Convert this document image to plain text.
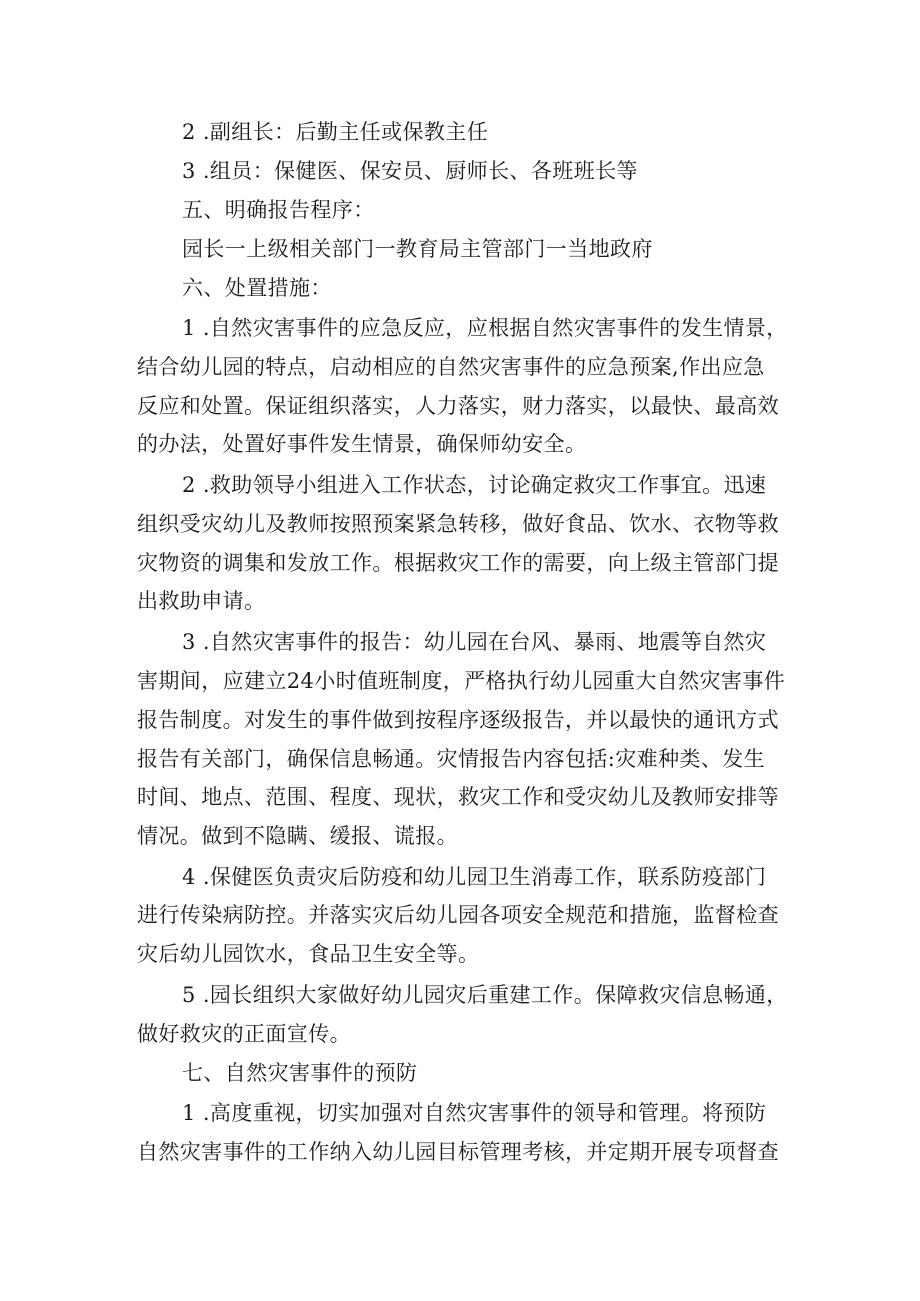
2 .副组长：后勤主任或保教主任
3 .组员：保健医、保安员、厨师长、各班班长等
五、明确报告程序：
园长一上级相关部门一教育局主管部门一当地政府
六、处置措施：
1 .自然灾害事件的应急反应，应根据自然灾害事件的发生情景，
结合幼儿园的特点，启动相应的自然灾害事件的应急预案,作出应急
反应和处置。保证组织落实，人力落实，财力落实，以最快、最高效
的办法，处置好事件发生情景，确保师幼安全。
2 .救助领导小组进入工作状态，讨论确定救灾工作事宜。迅速
组织受灾幼儿及教师按照预案紧急转移，做好食品、饮水、衣物等救
灾物资的调集和发放工作。根据救灾工作的需要，向上级主管部门提
出救助申请。
3 .自然灾害事件的报告：幼儿园在台风、暴雨、地震等自然灾
害期间，应建立24小时值班制度，严格执行幼儿园重大自然灾害事件
报告制度。对发生的事件做到按程序逐级报告，并以最快的通讯方式
报告有关部门，确保信息畅通。灾情报告内容包括:灾难种类、发生
时间、地点、范围、程度、现状，救灾工作和受灾幼儿及教师安排等
情况。做到不隐瞒、缓报、谎报。
4 .保健医负责灾后防疫和幼儿园卫生消毒工作，联系防疫部门
进行传染病防控。并落实灾后幼儿园各项安全规范和措施，监督检查
灾后幼儿园饮水，食品卫生安全等。
5 .园长组织大家做好幼儿园灾后重建工作。保障救灾信息畅通，
做好救灾的正面宣传。
七、自然灾害事件的预防
1 .高度重视，切实加强对自然灾害事件的领导和管理。将预防
自然灾害事件的工作纳入幼儿园目标管理考核，并定期开展专项督查
